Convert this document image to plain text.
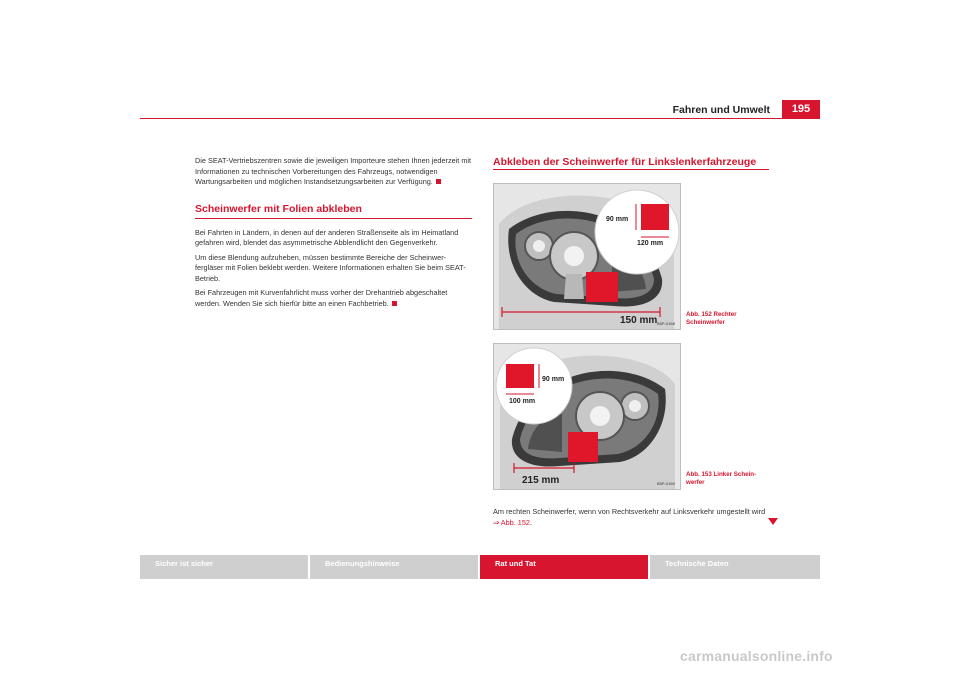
Fahren und Umwelt	195

Die SEAT-Vertriebszentren sowie die jeweiligen Importeure stehen Ihnen jederzeit mit Informationen zu technischen Vorbereitungen des Fahrzeugs, notwendigen Wartungsarbeiten und möglichen Instandsetzungsarbeiten zur Verfügung.

Scheinwerfer mit Folien abkleben

Bei Fahrten in Ländern, in denen auf der anderen Straßenseite als im Heimatland gefahren wird, blendet das asymmetrische Abblendlicht den Gegenverkehr.

Um diese Blendung aufzuheben, müssen bestimmte Bereiche der Scheinwerfergläser mit Folien beklebt werden. Weitere Informationen erhalten Sie beim SEAT-Betrieb.

Bei Fahrzeugen mit Kurvenfahrlicht muss vorher der Drehantrieb abgeschaltet werden. Wenden Sie sich hierfür bitte an einen Fachbetrieb.

Abkleben der Scheinwerfer für Linkslenkerfahrzeuge

90 mm
120 mm
150 mm B5P-0168
Abb. 152 Rechter Scheinwerfer
90 mm
100 mm
215 mm	B5P-0169
Abb. 153 Linker Scheinwerfer

Am rechten Scheinwerfer, wenn von Rechtsverkehr auf Linksverkehr umgestellt wird ⇒ Abb. 152.

Sicher ist sicher	Bedienungshinweise	Rat und Tat	Technische Daten
carmanualsonline.info
